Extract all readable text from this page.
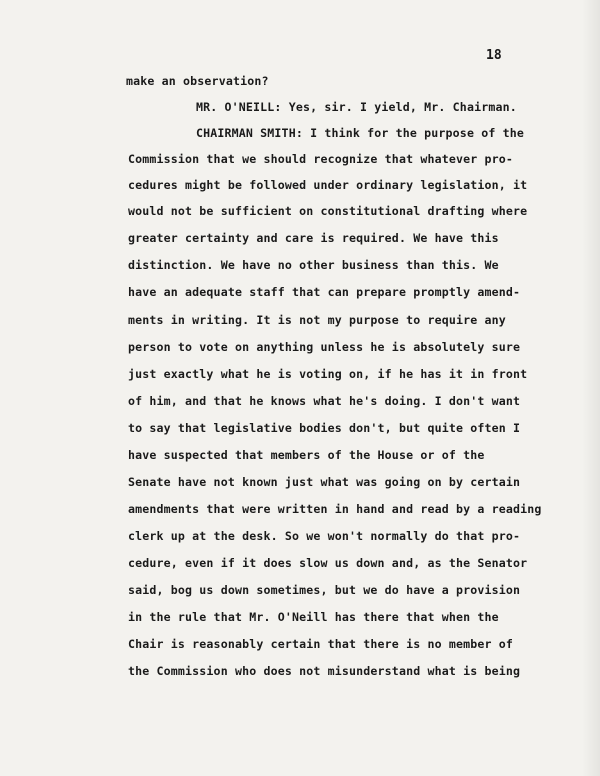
18
make an observation?
MR. O'NEILL: Yes, sir. I yield, Mr. Chairman.
CHAIRMAN SMITH: I think for the purpose of the
Commission that we should recognize that whatever pro-
cedures might be followed under ordinary legislation, it
would not be sufficient on constitutional drafting where
greater certainty and care is required. We have this
distinction. We have no other business than this. We
have an adequate staff that can prepare promptly amend-
ments in writing. It is not my purpose to require any
person to vote on anything unless he is absolutely sure
just exactly what he is voting on, if he has it in front
of him, and that he knows what he's doing. I don't want
to say that legislative bodies don't, but quite often I
have suspected that members of the House or of the
Senate have not known just what was going on by certain
amendments that were written in hand and read by a reading
clerk up at the desk. So we won't normally do that pro-
cedure, even if it does slow us down and, as the Senator
said, bog us down sometimes, but we do have a provision
in the rule that Mr. O'Neill has there that when the
Chair is reasonably certain that there is no member of
the Commission who does not misunderstand what is being
